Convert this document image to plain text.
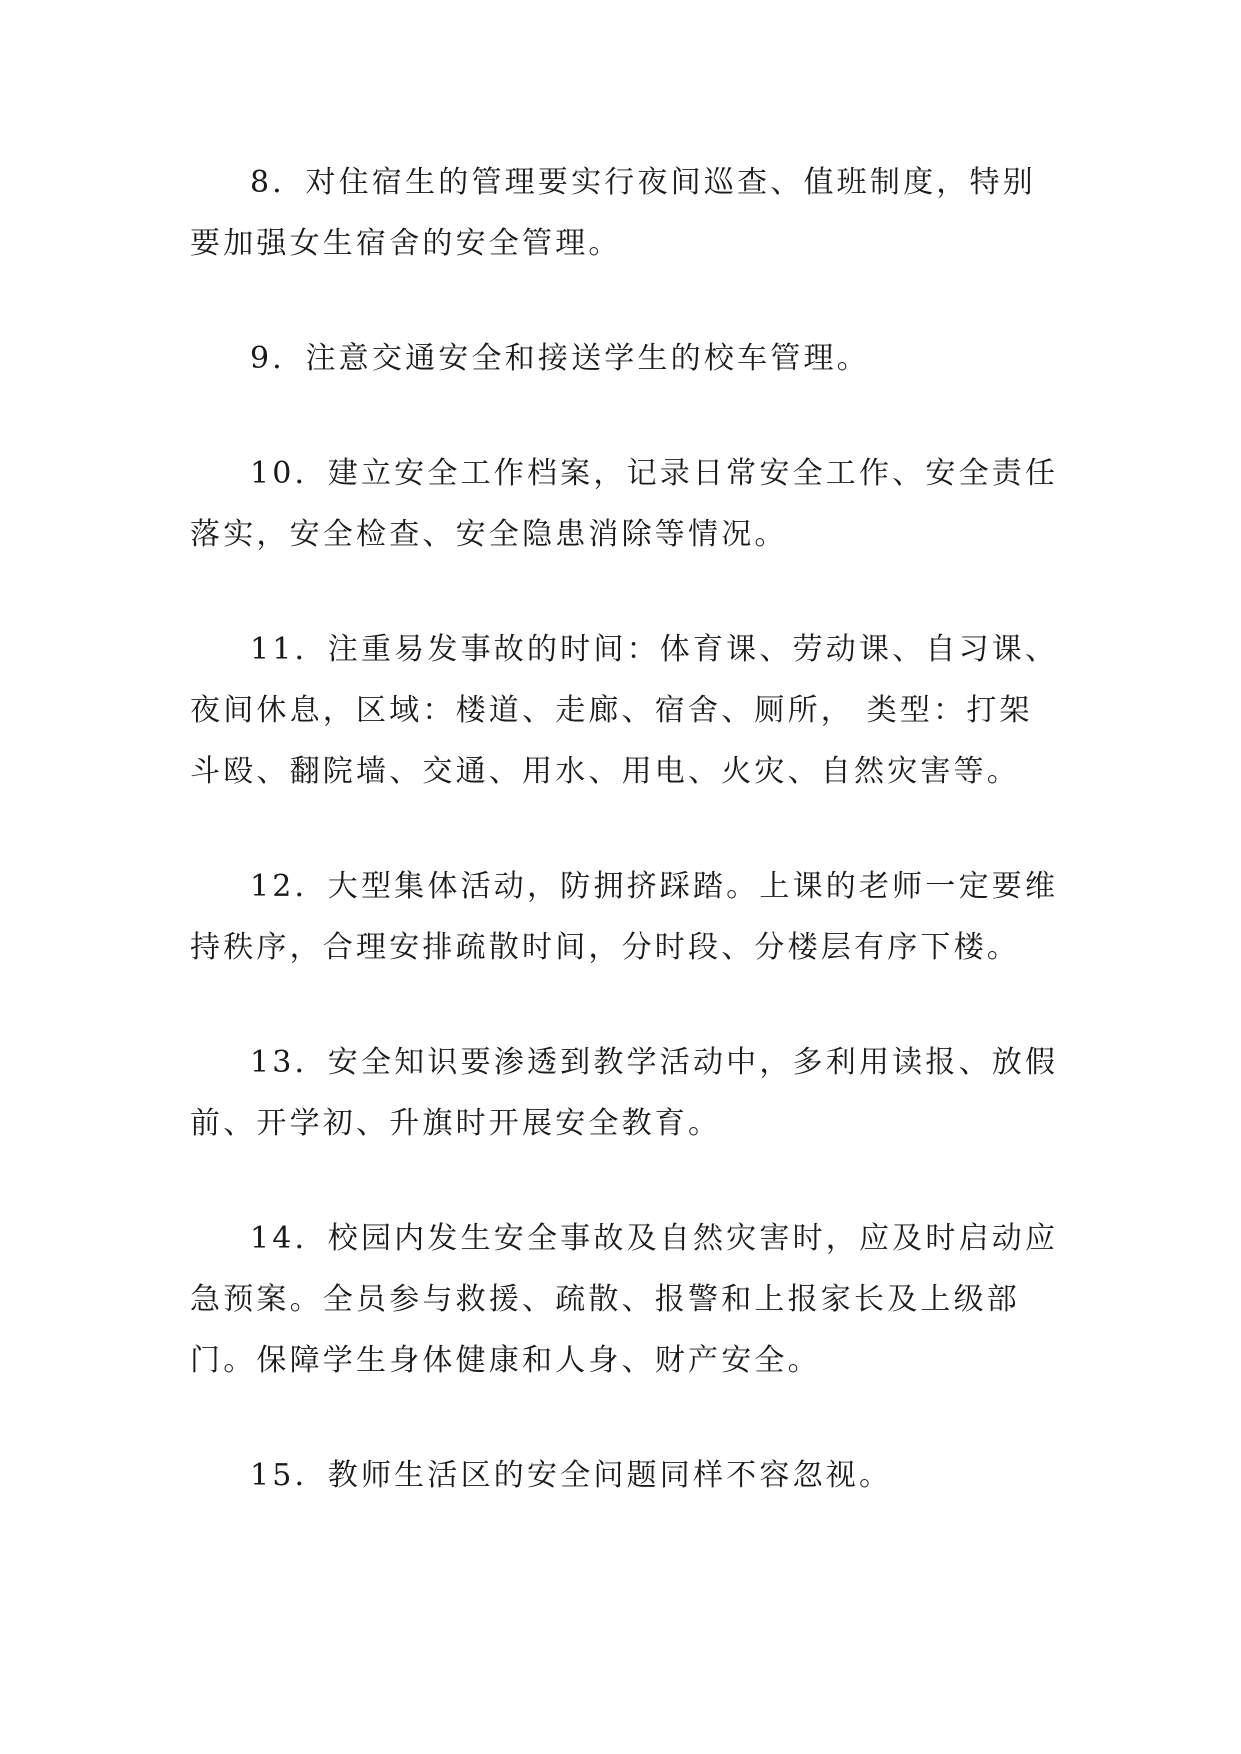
8．对住宿生的管理要实行夜间巡查、值班制度，特别要加强女生宿舍的安全管理。

9．注意交通安全和接送学生的校车管理。

10．建立安全工作档案，记录日常安全工作、安全责任落实，安全检查、安全隐患消除等情况。

11．注重易发事故的时间：体育课、劳动课、自习课、夜间休息，区域：楼道、走廊、宿舍、厕所， 类型：打架斗殴、翻院墙、交通、用水、用电、火灾、自然灾害等。

12．大型集体活动，防拥挤踩踏。上课的老师一定要维持秩序，合理安排疏散时间，分时段、分楼层有序下楼。

13．安全知识要渗透到教学活动中，多利用读报、放假前、开学初、升旗时开展安全教育。

14．校园内发生安全事故及自然灾害时，应及时启动应急预案。全员参与救援、疏散、报警和上报家长及上级部门。保障学生身体健康和人身、财产安全。

15．教师生活区的安全问题同样不容忽视。
